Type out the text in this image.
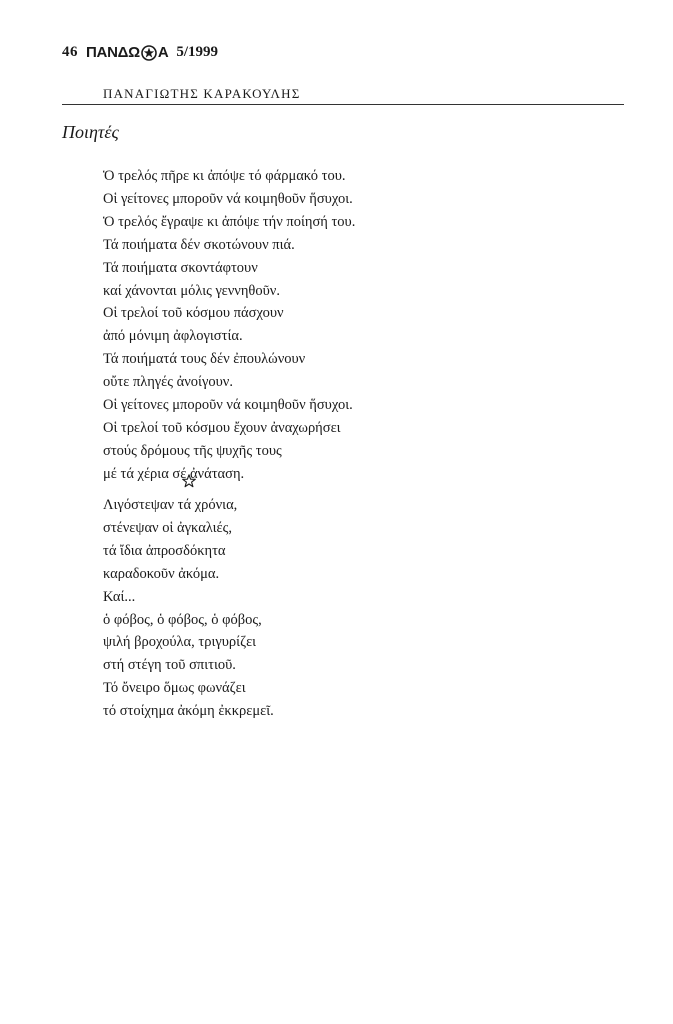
46 ΠΑΝΔΩ Α 5/1999
ΠΑΝΑΓΙΩΤΗΣ ΚΑΡΑΚΟΥΛΗΣ
Ποιητές
Ὁ τρελός πῆρε κι ἀπόψε τό φάρμακό του.
Οἱ γείτονες μποροῦν νά κοιμηθοῦν ἥσυχοι.
Ὁ τρελός ἔγραψε κι ἀπόψε τήν ποίησή του.
Τά ποιήματα δέν σκοτώνουν πιά.
Τά ποιήματα σκοντάφτουν
καί χάνονται μόλις γεννηθοῦν.
Οἱ τρελοί τοῦ κόσμου πάσχουν
ἀπό μόνιμη ἀφλογιστία.
Τά ποιήματά τους δέν ἐπουλώνουν
οὔτε πληγές ἀνοίγουν.
Οἱ γείτονες μποροῦν νά κοιμηθοῦν ἥσυχοι.
Οἱ τρελοί τοῦ κόσμου ἔχουν ἀναχωρήσει
στούς δρόμους τῆς ψυχῆς τους
μέ τά χέρια σέ ἀνάταση.
Λιγόστεψαν τά χρόνια,
στένεψαν οἱ ἀγκαλιές,
τά ἴδια ἀπροσδόκητα
καραδοκοῦν ἀκόμα.
Καί...
ὁ φόβος, ὁ φόβος, ὁ φόβος,
ψιλή βροχούλα, τριγυρίζει
στή στέγη τοῦ σπιτιοῦ.
Τό ὄνειρο ὅμως φωνάζει
τό στοίχημα ἀκόμη ἐκκρεμεῖ.
